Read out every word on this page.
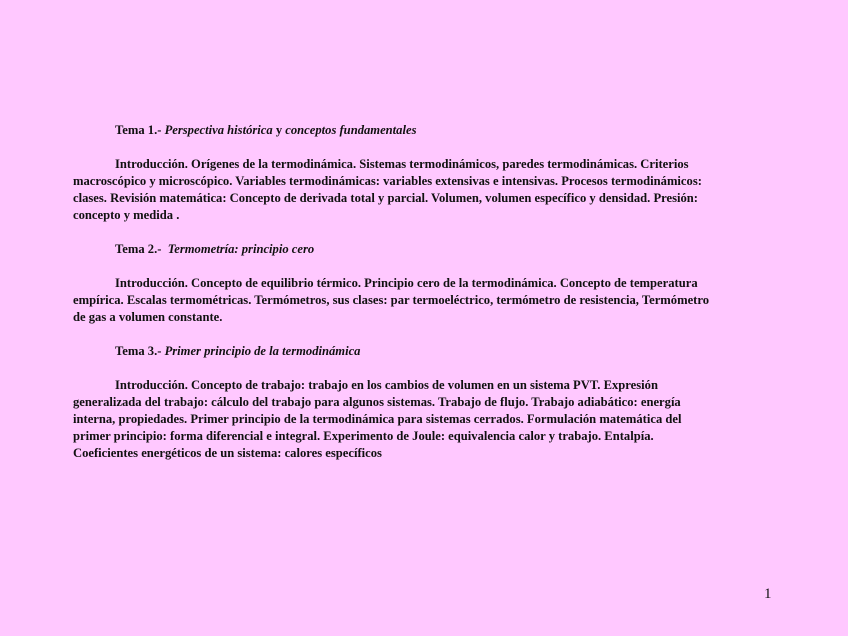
Tema 1.- Perspectiva histórica y conceptos fundamentales

Introducción. Orígenes de la termodinámica. Sistemas termodinámicos, paredes termodinámicas. Criterios macroscópico y microscópico. Variables termodinámicas: variables extensivas e intensivas. Procesos termodinámicos: clases. Revisión matemática: Concepto de derivada total y parcial. Volumen, volumen específico y densidad. Presión: concepto y medida .

Tema 2.- Termometría: principio cero

Introducción. Concepto de equilibrio térmico. Principio cero de la termodinámica. Concepto de temperatura empírica. Escalas termométricas. Termómetros, sus clases: par termoeléctrico, termómetro de resistencia, Termómetro de gas a volumen constante.

Tema 3.- Primer principio de la termodinámica

Introducción. Concepto de trabajo: trabajo en los cambios de volumen en un sistema PVT. Expresión generalizada del trabajo: cálculo del trabajo para algunos sistemas. Trabajo de flujo. Trabajo adiabático: energía interna, propiedades. Primer principio de la termodinámica para sistemas cerrados. Formulación matemática del primer principio: forma diferencial e integral. Experimento de Joule: equivalencia calor y trabajo. Entalpía. Coeficientes energéticos de un sistema: calores específicos

1
